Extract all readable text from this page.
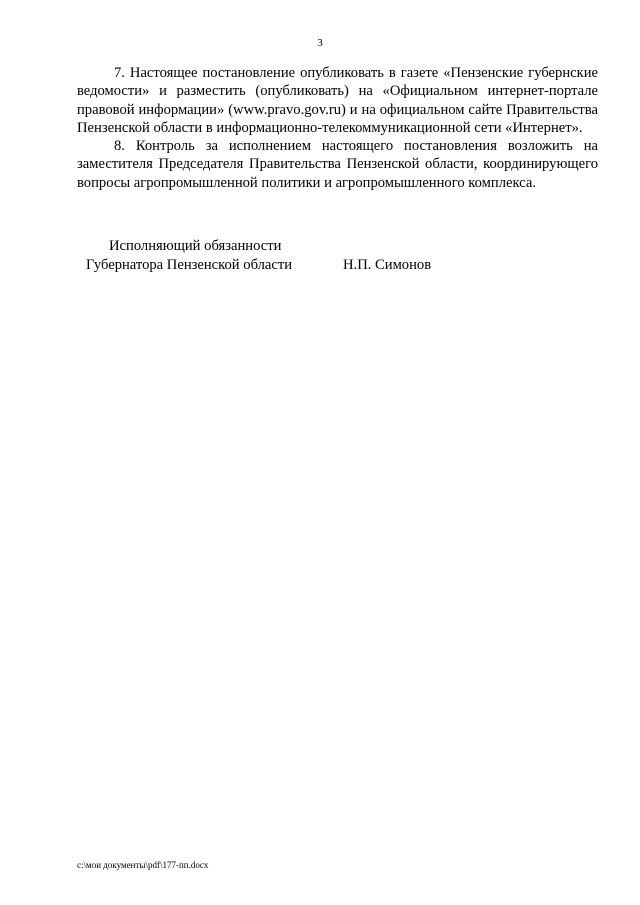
3

7. Настоящее постановление опубликовать в газете «Пензенские губернские ведомости» и разместить (опубликовать) на «Официальном интернет-портале правовой информации» (www.pravo.gov.ru) и на официальном сайте Правительства Пензенской области в информационно-телекоммуникационной сети «Интернет».

8. Контроль за исполнением настоящего постановления возложить на заместителя Председателя Правительства Пензенской области, координирующего вопросы агропромышленной политики и агропромышленного комплекса.

Исполняющий обязанности
Губернатора Пензенской области	Н.П. Симонов
c:\мои документы\pdf\177-пп.docx
